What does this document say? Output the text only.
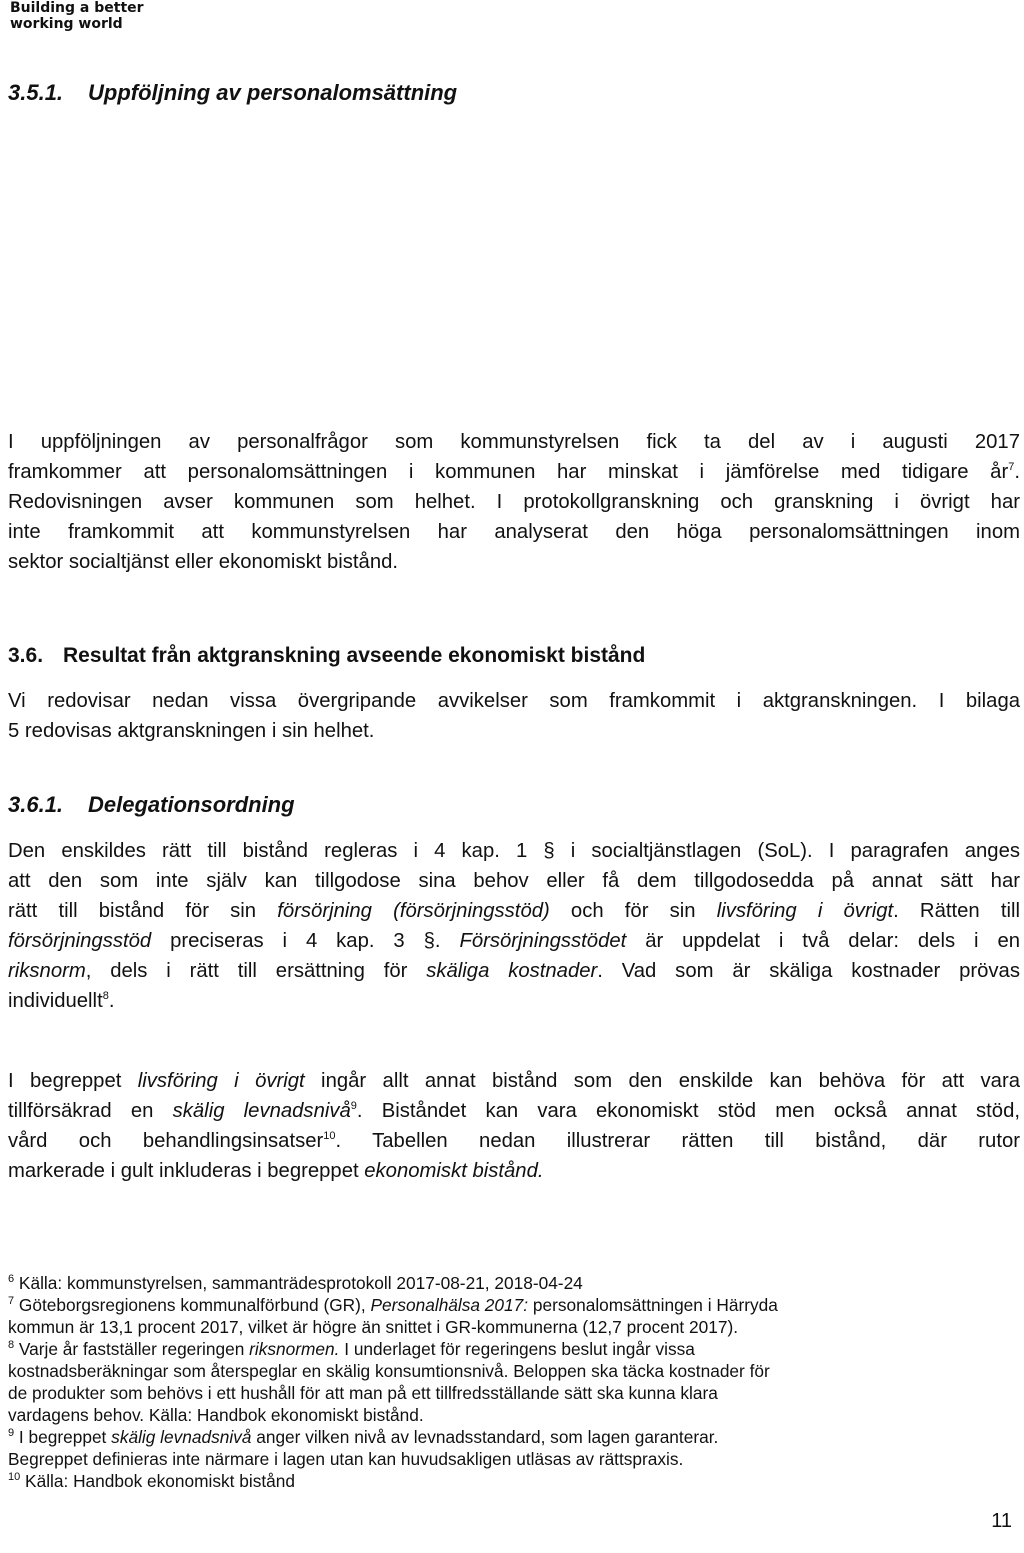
Building a better
working world
3.5.1. Uppföljning av personalomsättning
I uppföljningen av personalfrågor som kommunstyrelsen fick ta del av i augusti 2017
framkommer att personalomsättningen i kommunen har minskat i jämförelse med tidigare $år^7$.
Redovisningen avser kommunen som helhet. I protokollgranskning och granskning i övrigt har
inte framkommit att kommunstyrelsen har analyserat den höga personalomsättningen inom
sektor socialtjänst eller ekonomiskt bistånd.
3.6. Resultat från aktgranskning avseende ekonomiskt bistånd
Vi redovisar nedan vissa övergripande avvikelser som framkommit i aktgranskningen. I bilaga
5 redovisas aktgranskningen i sin helhet.
3.6.1. Delegationsordning
Den enskildes rätt till bistånd regleras i 4 kap. 1 § i socialtjänstlagen (SoL). I paragrafen anges
att den som inte själv kan tillgodose sina behov eller få dem tillgodosedda på annat sätt har
rätt till bistånd för sin försörjning (försörjningsstöd) och för sin livsföring i övrigt. Rätten till
försörjningsstöd preciseras i 4 kap. 3 §. Försörjningsstödet är uppdelat i två delar: dels i en
riksnorm, dels i rätt till ersättning för skäliga kostnader. Vad som är skäliga kostnader prövas
individuellt$^8$.
I begreppet livsföring i övrigt ingår allt annat bistånd som den enskilde kan behöva för att vara
tillförsäkrad en skälig levnadsnivå$^9$. Biståndet kan vara ekonomiskt stöd men också annat stöd,
vård och behandlingsinsatser$^{10}$. Tabellen nedan illustrerar rätten till bistånd, där rutor
markerade i gult inkluderas i begreppet ekonomiskt bistånd.
$^6$ Källa: kommunstyrelsen, sammanträdesprotokoll 2017-08-21, 2018-04-24
$^7$ Göteborgsregionens kommunalförbund (GR), Personalhälsa 2017: personalomsättningen i Härryda
kommun är 13,1 procent 2017, vilket är högre än snittet i GR-kommunerna (12,7 procent 2017).
$^8$ Varje år fastställer regeringen riksnormen. I underlaget för regeringens beslut ingår vissa
kostnadsberäkningar som återspeglar en skälig konsumtionsnivå. Beloppen ska täcka kostnader för
de produkter som behövs i ett hushåll för att man på ett tillfredsställande sätt ska kunna klara
vardagens behov. Källa: Handbok ekonomiskt bistånd.
$^9$ I begreppet skälig levnadsnivå anger vilken nivå av levnadsstandard, som lagen garanterar.
Begreppet definieras inte närmare i lagen utan kan huvudsakligen utläsas av rättspraxis.
$^{10}$ Källa: Handbok ekonomiskt bistånd
11
